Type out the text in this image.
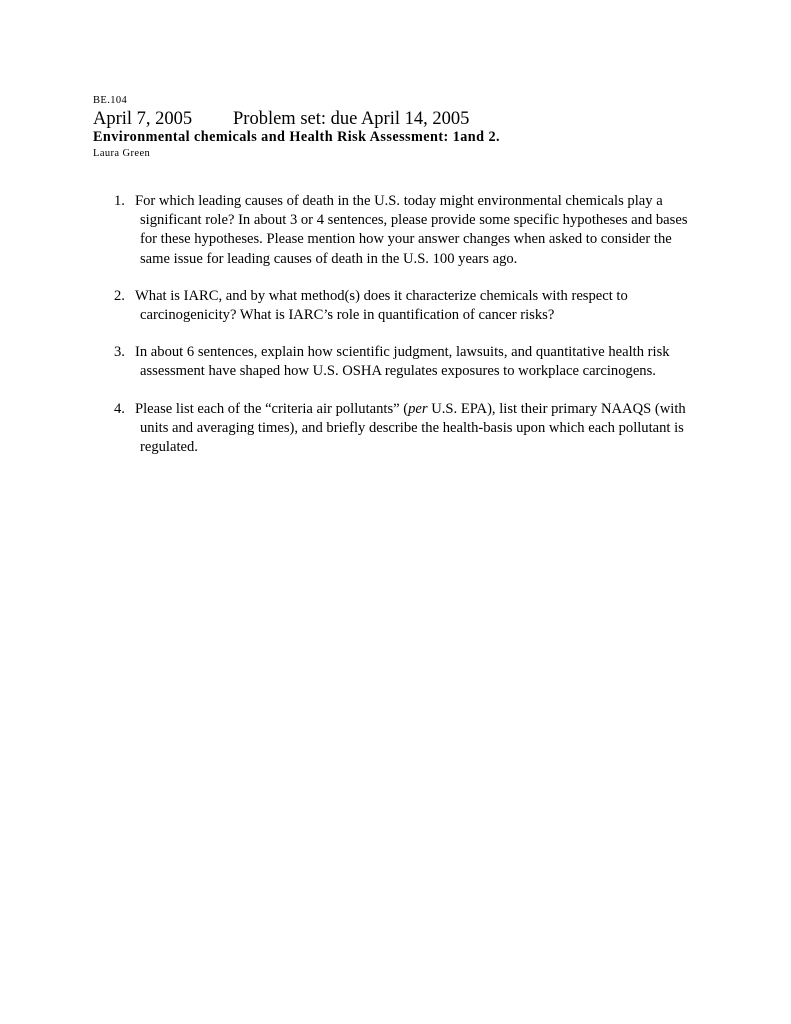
BE.104
April 7, 2005 Problem set: due April 14, 2005
Environmental chemicals and Health Risk Assessment: 1and 2.
Laura Green
1. For which leading causes of death in the U.S. today might environmental chemicals play a significant role? In about 3 or 4 sentences, please provide some specific hypotheses and bases for these hypotheses. Please mention how your answer changes when asked to consider the same issue for leading causes of death in the U.S. 100 years ago.
2. What is IARC, and by what method(s) does it characterize chemicals with respect to carcinogenicity? What is IARC’s role in quantification of cancer risks?
3. In about 6 sentences, explain how scientific judgment, lawsuits, and quantitative health risk assessment have shaped how U.S. OSHA regulates exposures to workplace carcinogens.
4. Please list each of the “criteria air pollutants” (per U.S. EPA), list their primary NAAQS (with units and averaging times), and briefly describe the health-basis upon which each pollutant is regulated.
